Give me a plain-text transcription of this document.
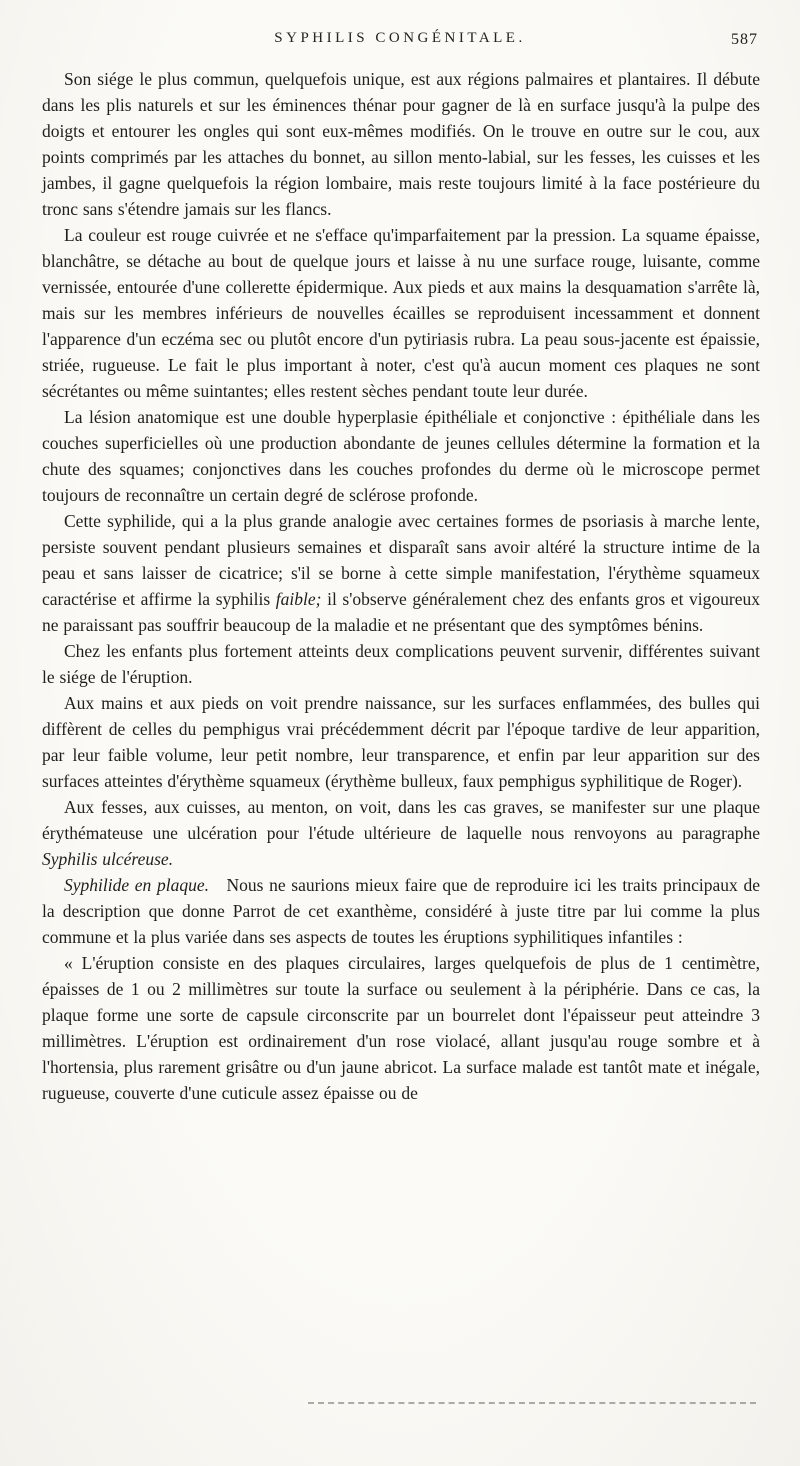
SYPHILIS CONGÉNITALE.	587

Son siége le plus commun, quelquefois unique, est aux régions palmaires et plantaires. Il débute dans les plis naturels et sur les éminences thénar pour gagner de là en surface jusqu'à la pulpe des doigts et entourer les ongles qui sont eux-mêmes modifiés. On le trouve en outre sur le cou, aux points comprimés par les attaches du bonnet, au sillon mento-labial, sur les fesses, les cuisses et les jambes, il gagne quelquefois la région lombaire, mais reste toujours limité à la face postérieure du tronc sans s'étendre jamais sur les flancs.

La couleur est rouge cuivrée et ne s'efface qu'imparfaitement par la pression. La squame épaisse, blanchâtre, se détache au bout de quelque jours et laisse à nu une surface rouge, luisante, comme vernissée, entourée d'une collerette épidermique. Aux pieds et aux mains la desquamation s'arrête là, mais sur les membres inférieurs de nouvelles écailles se reproduisent incessamment et donnent l'apparence d'un eczéma sec ou plutôt encore d'un pytiriasis rubra. La peau sous-jacente est épaissie, striée, rugueuse. Le fait le plus important à noter, c'est qu'à aucun moment ces plaques ne sont sécrétantes ou même suintantes; elles restent sèches pendant toute leur durée.

La lésion anatomique est une double hyperplasie épithéliale et conjonctive : épithéliale dans les couches superficielles où une production abondante de jeunes cellules détermine la formation et la chute des squames; conjonctives dans les couches profondes du derme où le microscope permet toujours de reconnaître un certain degré de sclérose profonde.

Cette syphilide, qui a la plus grande analogie avec certaines formes de psoriasis à marche lente, persiste souvent pendant plusieurs semaines et disparaît sans avoir altéré la structure intime de la peau et sans laisser de cicatrice; s'il se borne à cette simple manifestation, l'érythème squameux caractérise et affirme la syphilis faible; il s'observe généralement chez des enfants gros et vigoureux ne paraissant pas souffrir beaucoup de la maladie et ne présentant que des symptômes bénins.

Chez les enfants plus fortement atteints deux complications peuvent survenir, différentes suivant le siége de l'éruption.

Aux mains et aux pieds on voit prendre naissance, sur les surfaces enflammées, des bulles qui diffèrent de celles du pemphigus vrai précédemment décrit par l'époque tardive de leur apparition, par leur faible volume, leur petit nombre, leur transparence, et enfin par leur apparition sur des surfaces atteintes d'érythème squameux (érythème bulleux, faux pemphigus syphilitique de Roger).

Aux fesses, aux cuisses, au menton, on voit, dans les cas graves, se manifester sur une plaque érythémateuse une ulcération pour l'étude ultérieure de laquelle nous renvoyons au paragraphe Syphilis ulcéreuse.

Syphilide en plaque. Nous ne saurions mieux faire que de reproduire ici les traits principaux de la description que donne Parrot de cet exanthème, considéré à juste titre par lui comme la plus commune et la plus variée dans ses aspects de toutes les éruptions syphilitiques infantiles :

« L'éruption consiste en des plaques circulaires, larges quelquefois de plus de 1 centimètre, épaisses de 1 ou 2 millimètres sur toute la surface ou seulement à la périphérie. Dans ce cas, la plaque forme une sorte de capsule circonscrite par un bourrelet dont l'épaisseur peut atteindre 3 millimètres. L'éruption est ordinairement d'un rose violacé, allant jusqu'au rouge sombre et à l'hortensia, plus rarement grisâtre ou d'un jaune abricot. La surface malade est tantôt mate et inégale, rugueuse, couverte d'une cuticule assez épaisse ou de
